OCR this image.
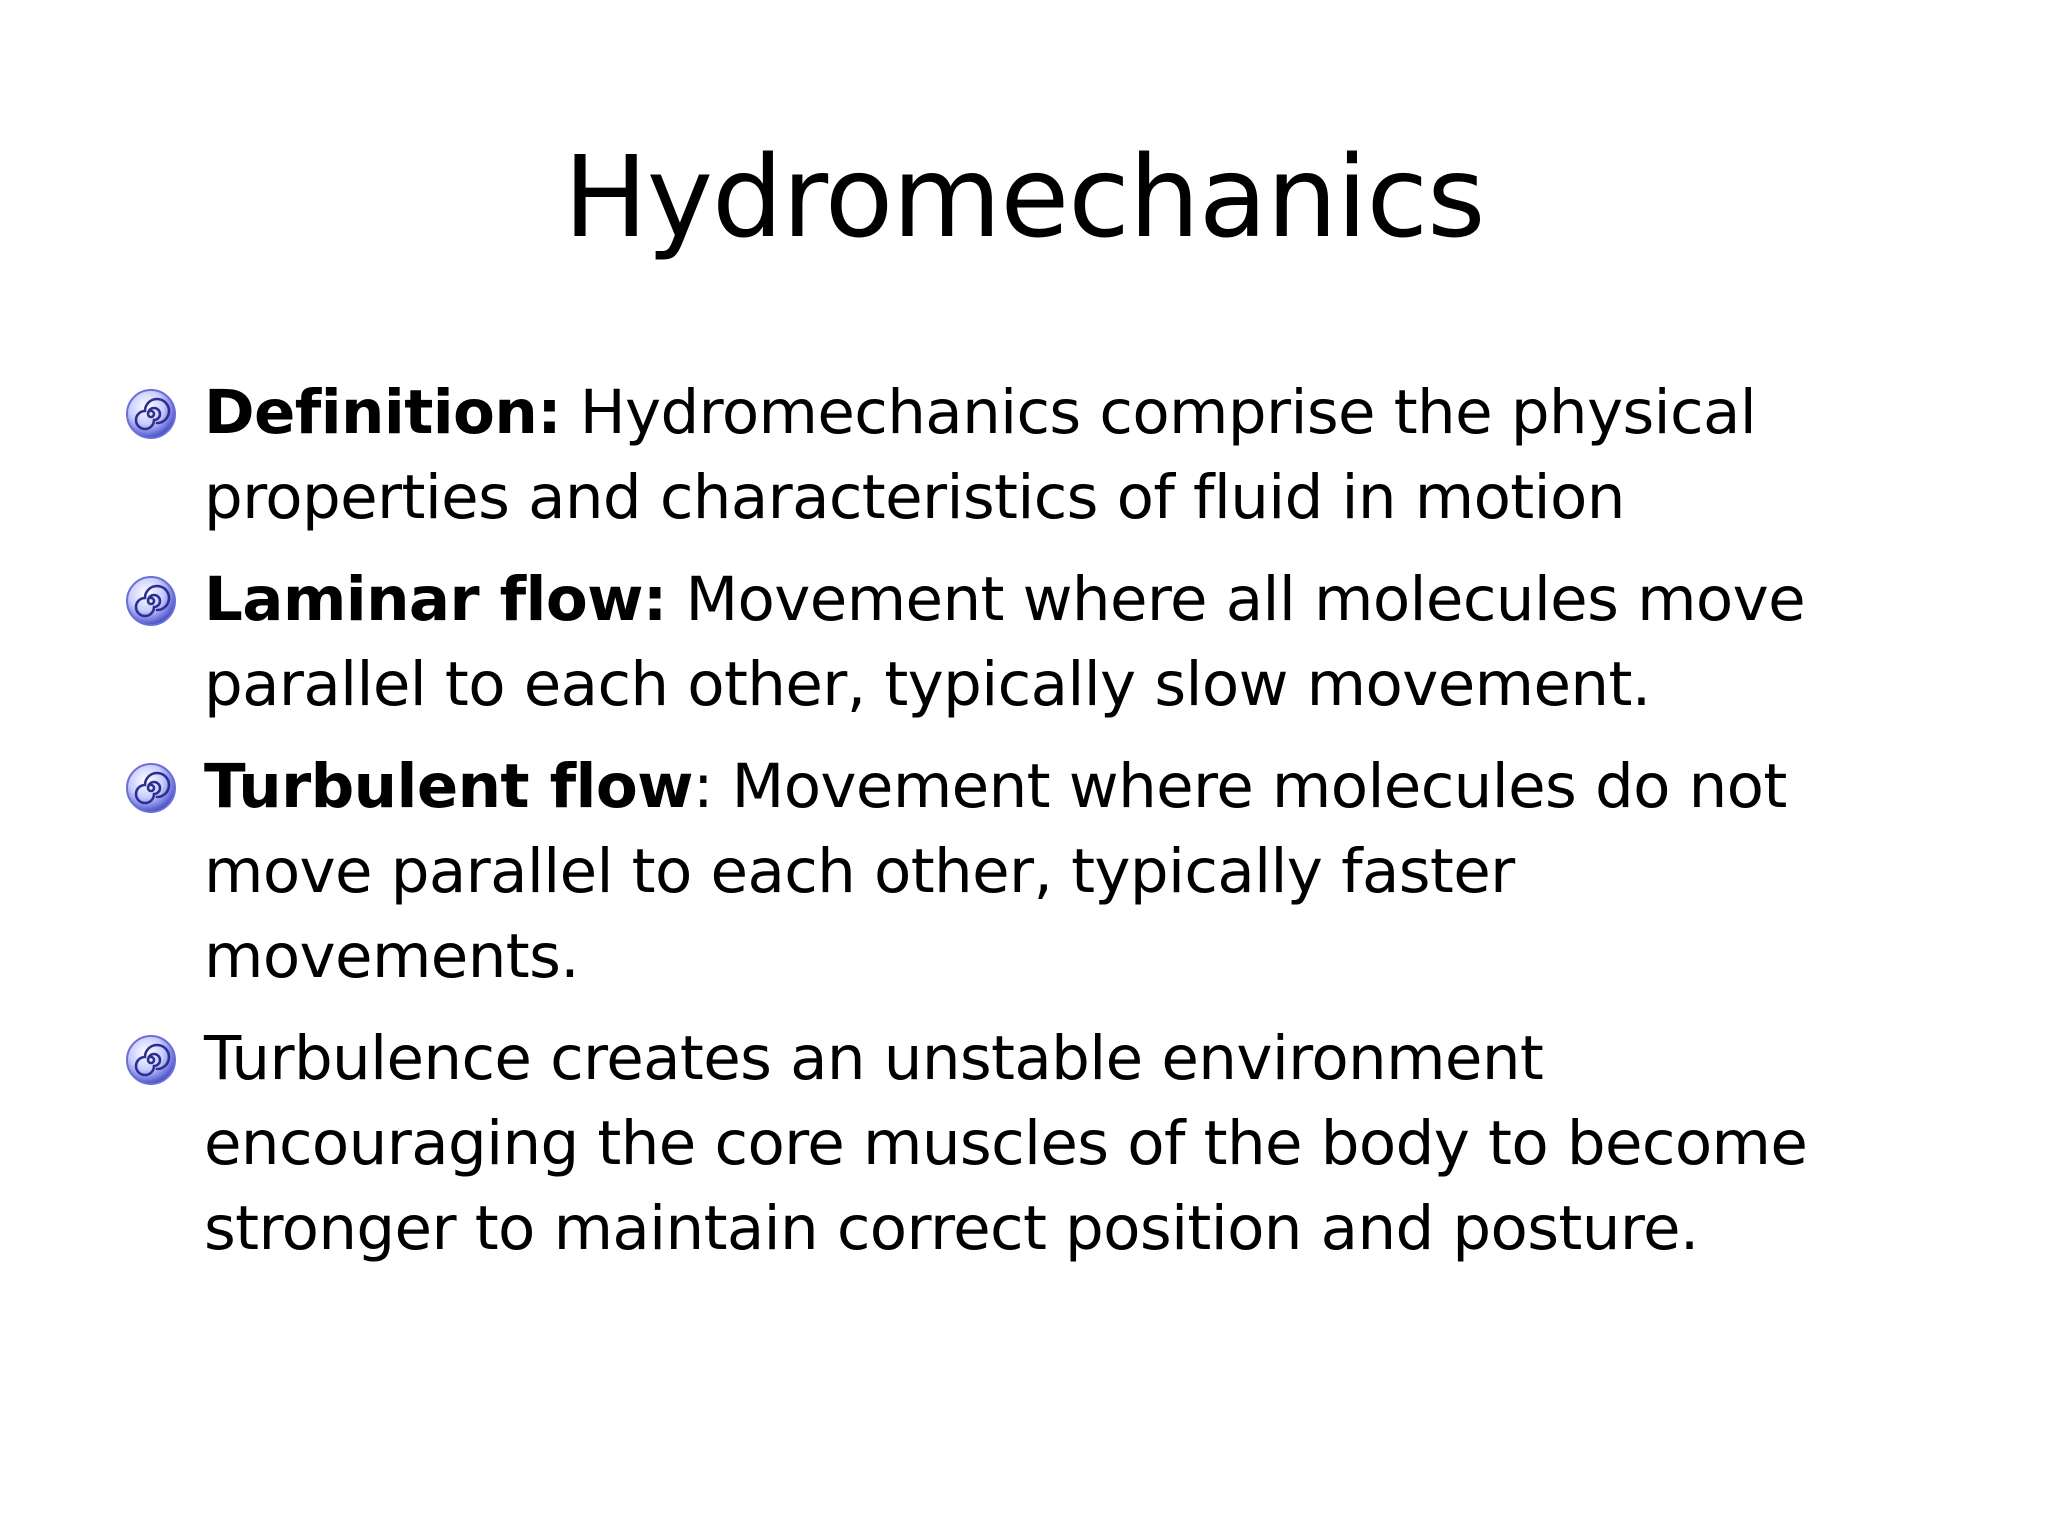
Hydromechanics
Definition: Hydromechanics comprise the physical properties and characteristics of fluid in motion
Laminar flow: Movement where all molecules move parallel to each other, typically slow movement.
Turbulent flow: Movement where molecules do not move parallel to each other, typically faster movements.
Turbulence creates an unstable environment encouraging the core muscles of the body to become stronger to maintain correct position and posture.
